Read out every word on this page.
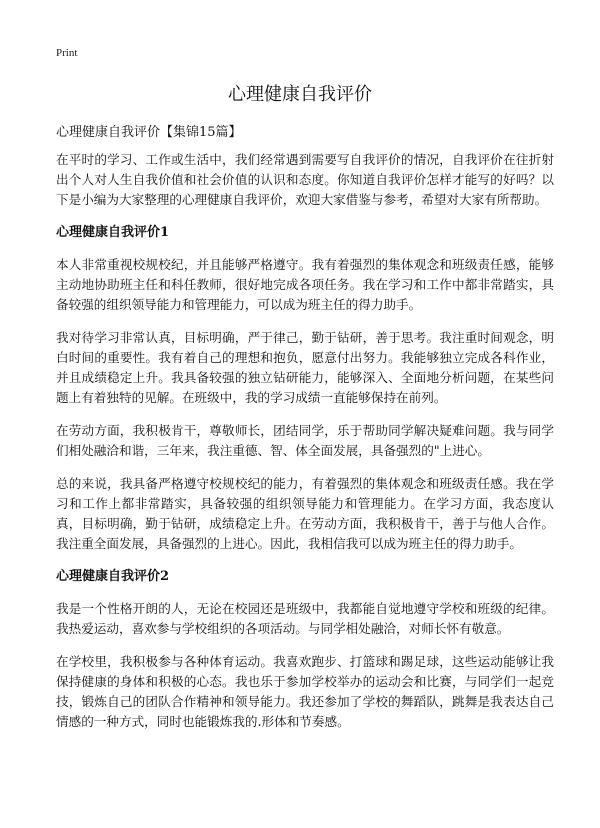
Print
心理健康自我评价
心理健康自我评价【集锦15篇】

在平时的学习、工作或生活中，我们经常遇到需要写自我评价的情况，自我评价在往折射出个人对人生自我价值和社会价值的认识和态度。你知道自我评价怎样才能写的好吗？以下是小编为大家整理的心理健康自我评价，欢迎大家借鉴与参考，希望对大家有所帮助。

心理健康自我评价1

本人非常重视校规校纪，并且能够严格遵守。我有着强烈的集体观念和班级责任感，能够主动地协助班主任和科任教师，很好地完成各项任务。我在学习和工作中都非常踏实，具备较强的组织领导能力和管理能力，可以成为班主任的得力助手。

我对待学习非常认真，目标明确，严于律己，勤于钻研，善于思考。我注重时间观念，明白时间的重要性。我有着自己的理想和抱负，愿意付出努力。我能够独立完成各科作业，并且成绩稳定上升。我具备较强的独立钻研能力，能够深入、全面地分析问题，在某些问题上有着独特的见解。在班级中，我的学习成绩一直能够保持在前列。

在劳动方面，我积极肯干，尊敬师长，团结同学，乐于帮助同学解决疑难问题。我与同学们相处融洽和谐，三年来，我注重德、智、体全面发展，具备强烈的"上进心。

总的来说，我具备严格遵守校规校纪的能力，有着强烈的集体观念和班级责任感。我在学习和工作上都非常踏实，具备较强的组织领导能力和管理能力。在学习方面，我态度认真，目标明确，勤于钻研，成绩稳定上升。在劳动方面，我积极肯干，善于与他人合作。我注重全面发展，具备强烈的上进心。因此，我相信我可以成为班主任的得力助手。

心理健康自我评价2

我是一个性格开朗的人，无论在校园还是班级中，我都能自觉地遵守学校和班级的纪律。我热爱运动，喜欢参与学校组织的各项活动。与同学相处融洽，对师长怀有敬意。

在学校里，我积极参与各种体育运动。我喜欢跑步、打篮球和踢足球，这些运动能够让我保持健康的身体和积极的心态。我也乐于参加学校举办的运动会和比赛，与同学们一起竞技，锻炼自己的团队合作精神和领导能力。我还参加了学校的舞蹈队，跳舞是我表达自己情感的一种方式，同时也能锻炼我的.形体和节奏感。
